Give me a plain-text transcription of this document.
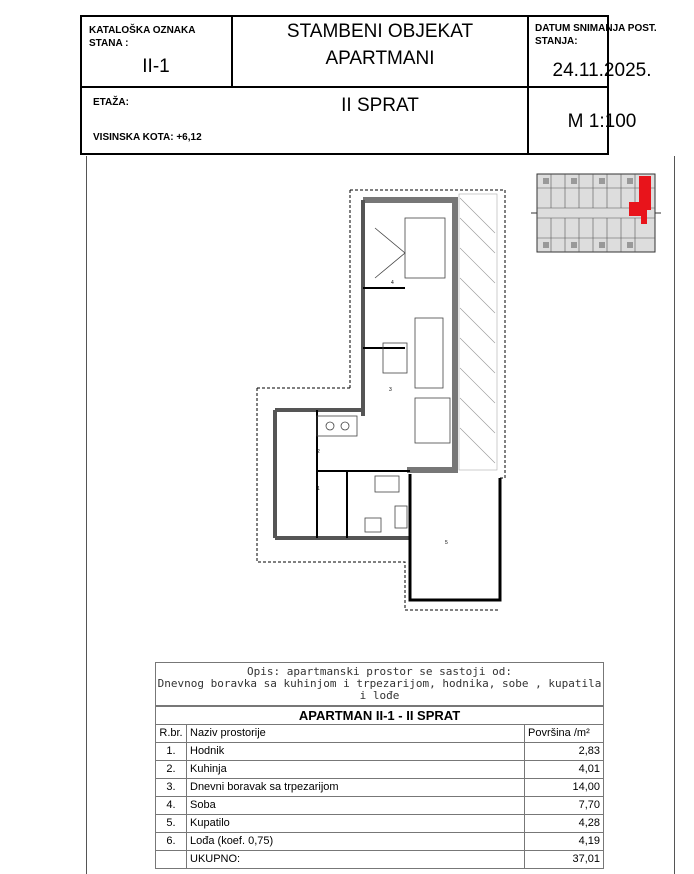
KATALOŠKA OZNAKA STANA :
II-1
STAMBENI OBJEKAT
APARTMANI
DATUM SNIMANJA POST. STANJA:
24.11.2025.
ETAŽA:	II SPRAT
VISINSKA KOTA: +6,12
M 1:100
4
3
2
1
5
Opis: apartmanski prostor se sastoji od:
Dnevnog boravka sa kuhinjom i trpezarijom, hodnika, sobe , kupatila
i lođe
APARTMAN II-1 - II SPRAT		
R.br.	Naziv prostorije	Površina /m²
1.	Hodnik	2,83
2.	Kuhinja	4,01
3.	Dnevni boravak sa trpezarijom	14,00
4.	Soba	7,70
5.	Kupatilo	4,28
6.	Lođa (koef. 0,75)	4,19
	UKUPNO:	37,01
